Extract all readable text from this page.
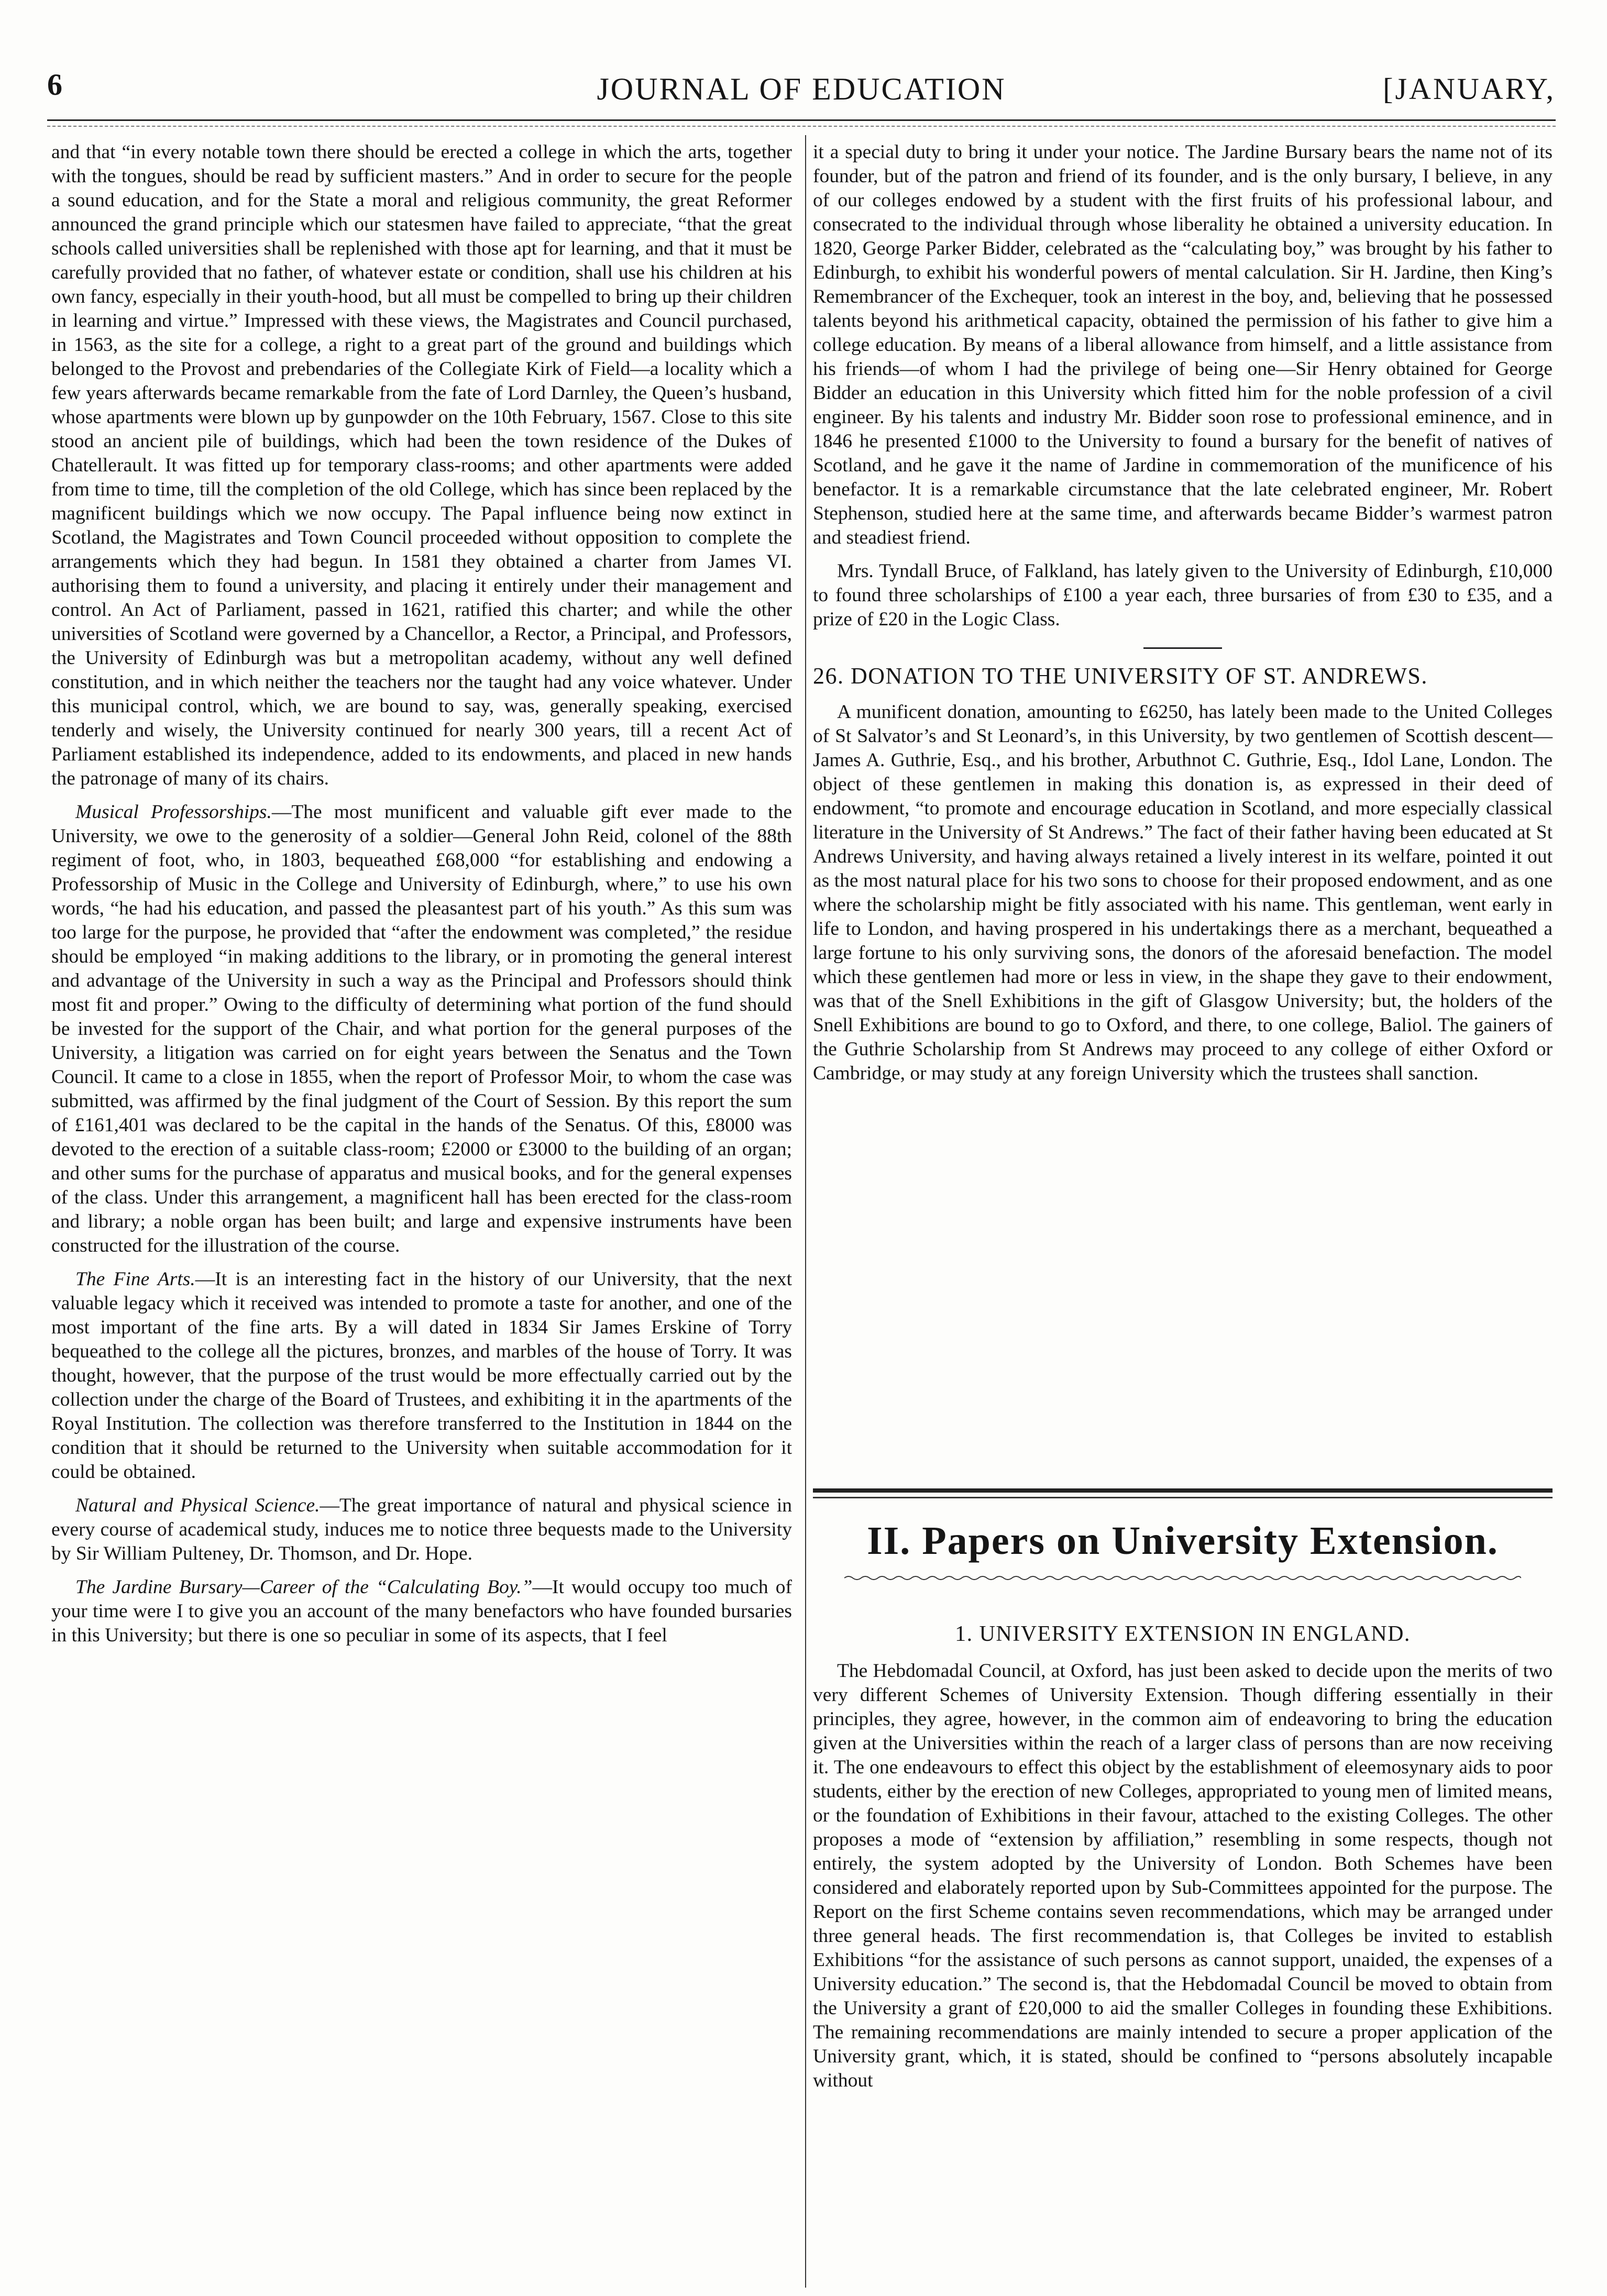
6	JOURNAL OF EDUCATION	[JANUARY,

and that “in every notable town there should be erected a college in which the arts, together with the tongues, should be read by sufficient masters.” And in order to secure for the people a sound education, and for the State a moral and religious community, the great Reformer announced the grand principle which our statesmen have failed to appreciate, “that the great schools called universities shall be replenished with those apt for learning, and that it must be carefully provided that no father, of whatever estate or condition, shall use his children at his own fancy, especially in their youth-hood, but all must be compelled to bring up their children in learning and virtue.” Impressed with these views, the Magistrates and Council purchased, in 1563, as the site for a college, a right to a great part of the ground and buildings which belonged to the Provost and prebendaries of the Collegiate Kirk of Field—a locality which a few years afterwards became remarkable from the fate of Lord Darnley, the Queen’s husband, whose apartments were blown up by gunpowder on the 10th February, 1567. Close to this site stood an ancient pile of buildings, which had been the town residence of the Dukes of Chatellerault. It was fitted up for temporary class-rooms; and other apartments were added from time to time, till the completion of the old College, which has since been replaced by the magnificent buildings which we now occupy. The Papal influence being now extinct in Scotland, the Magistrates and Town Council proceeded without opposition to complete the arrangements which they had begun. In 1581 they obtained a charter from James VI. authorising them to found a university, and placing it entirely under their management and control. An Act of Parliament, passed in 1621, ratified this charter; and while the other universities of Scotland were governed by a Chancellor, a Rector, a Principal, and Professors, the University of Edinburgh was but a metropolitan academy, without any well defined constitution, and in which neither the teachers nor the taught had any voice whatever. Under this municipal control, which, we are bound to say, was, generally speaking, exercised tenderly and wisely, the University continued for nearly 300 years, till a recent Act of Parliament established its independence, added to its endowments, and placed in new hands the patronage of many of its chairs.

Musical Professorships.—The most munificent and valuable gift ever made to the University, we owe to the generosity of a soldier—General John Reid, colonel of the 88th regiment of foot, who, in 1803, bequeathed £68,000 “for establishing and endowing a Professorship of Music in the College and University of Edinburgh, where,” to use his own words, “he had his education, and passed the pleasantest part of his youth.” As this sum was too large for the purpose, he provided that “after the endowment was completed,” the residue should be employed “in making additions to the library, or in promoting the general interest and advantage of the University in such a way as the Principal and Professors should think most fit and proper.” Owing to the difficulty of determining what portion of the fund should be invested for the support of the Chair, and what portion for the general purposes of the University, a litigation was carried on for eight years between the Senatus and the Town Council. It came to a close in 1855, when the report of Professor Moir, to whom the case was submitted, was affirmed by the final judgment of the Court of Session. By this report the sum of £161,401 was declared to be the capital in the hands of the Senatus. Of this, £8000 was devoted to the erection of a suitable class-room; £2000 or £3000 to the building of an organ; and other sums for the purchase of apparatus and musical books, and for the general expenses of the class. Under this arrangement, a magnificent hall has been erected for the class-room and library; a noble organ has been built; and large and expensive instruments have been constructed for the illustration of the course.

The Fine Arts.—It is an interesting fact in the history of our University, that the next valuable legacy which it received was intended to promote a taste for another, and one of the most important of the fine arts. By a will dated in 1834 Sir James Erskine of Torry bequeathed to the college all the pictures, bronzes, and marbles of the house of Torry. It was thought, however, that the purpose of the trust would be more effectually carried out by the collection under the charge of the Board of Trustees, and exhibiting it in the apartments of the Royal Institution. The collection was therefore transferred to the Institution in 1844 on the condition that it should be returned to the University when suitable accommodation for it could be obtained.

Natural and Physical Science.—The great importance of natural and physical science in every course of academical study, induces me to notice three bequests made to the University by Sir William Pulteney, Dr. Thomson, and Dr. Hope.

The Jardine Bursary—Career of the “Calculating Boy.”—It would occupy too much of your time were I to give you an account of the many benefactors who have founded bursaries in this University; but there is one so peculiar in some of its aspects, that I feel

it a special duty to bring it under your notice. The Jardine Bursary bears the name not of its founder, but of the patron and friend of its founder, and is the only bursary, I believe, in any of our colleges endowed by a student with the first fruits of his professional labour, and consecrated to the individual through whose liberality he obtained a university education. In 1820, George Parker Bidder, celebrated as the “calculating boy,” was brought by his father to Edinburgh, to exhibit his wonderful powers of mental calculation. Sir H. Jardine, then King’s Remembrancer of the Exchequer, took an interest in the boy, and, believing that he possessed talents beyond his arithmetical capacity, obtained the permission of his father to give him a college education. By means of a liberal allowance from himself, and a little assistance from his friends—of whom I had the privilege of being one—Sir Henry obtained for George Bidder an education in this University which fitted him for the noble profession of a civil engineer. By his talents and industry Mr. Bidder soon rose to professional eminence, and in 1846 he presented £1000 to the University to found a bursary for the benefit of natives of Scotland, and he gave it the name of Jardine in commemoration of the munificence of his benefactor. It is a remarkable circumstance that the late celebrated engineer, Mr. Robert Stephenson, studied here at the same time, and afterwards became Bidder’s warmest patron and steadiest friend.

Mrs. Tyndall Bruce, of Falkland, has lately given to the University of Edinburgh, £10,000 to found three scholarships of £100 a year each, three bursaries of from £30 to £35, and a prize of £20 in the Logic Class.

26. DONATION TO THE UNIVERSITY OF ST. ANDREWS.

A munificent donation, amounting to £6250, has lately been made to the United Colleges of St Salvator’s and St Leonard’s, in this University, by two gentlemen of Scottish descent—James A. Guthrie, Esq., and his brother, Arbuthnot C. Guthrie, Esq., Idol Lane, London. The object of these gentlemen in making this donation is, as expressed in their deed of endowment, “to promote and encourage education in Scotland, and more especially classical literature in the University of St Andrews.” The fact of their father having been educated at St Andrews University, and having always retained a lively interest in its welfare, pointed it out as the most natural place for his two sons to choose for their proposed endowment, and as one where the scholarship might be fitly associated with his name. This gentleman, went early in life to London, and having prospered in his undertakings there as a merchant, bequeathed a large fortune to his only surviving sons, the donors of the aforesaid benefaction. The model which these gentlemen had more or less in view, in the shape they gave to their endowment, was that of the Snell Exhibitions in the gift of Glasgow University; but, the holders of the Snell Exhibitions are bound to go to Oxford, and there, to one college, Baliol. The gainers of the Guthrie Scholarship from St Andrews may proceed to any college of either Oxford or Cambridge, or may study at any foreign University which the trustees shall sanction.

II. Papers on University Extension.
1. UNIVERSITY EXTENSION IN ENGLAND.

The Hebdomadal Council, at Oxford, has just been asked to decide upon the merits of two very different Schemes of University Extension. Though differing essentially in their principles, they agree, however, in the common aim of endeavoring to bring the education given at the Universities within the reach of a larger class of persons than are now receiving it. The one endeavours to effect this object by the establishment of eleemosynary aids to poor students, either by the erection of new Colleges, appropriated to young men of limited means, or the foundation of Exhibitions in their favour, attached to the existing Colleges. The other proposes a mode of “extension by affiliation,” resembling in some respects, though not entirely, the system adopted by the University of London. Both Schemes have been considered and elaborately reported upon by Sub-Committees appointed for the purpose. The Report on the first Scheme contains seven recommendations, which may be arranged under three general heads. The first recommendation is, that Colleges be invited to establish Exhibitions “for the assistance of such persons as cannot support, unaided, the expenses of a University education.” The second is, that the Hebdomadal Council be moved to obtain from the University a grant of £20,000 to aid the smaller Colleges in founding these Exhibitions. The remaining recommendations are mainly intended to secure a proper application of the University grant, which, it is stated, should be confined to “persons absolutely incapable without
